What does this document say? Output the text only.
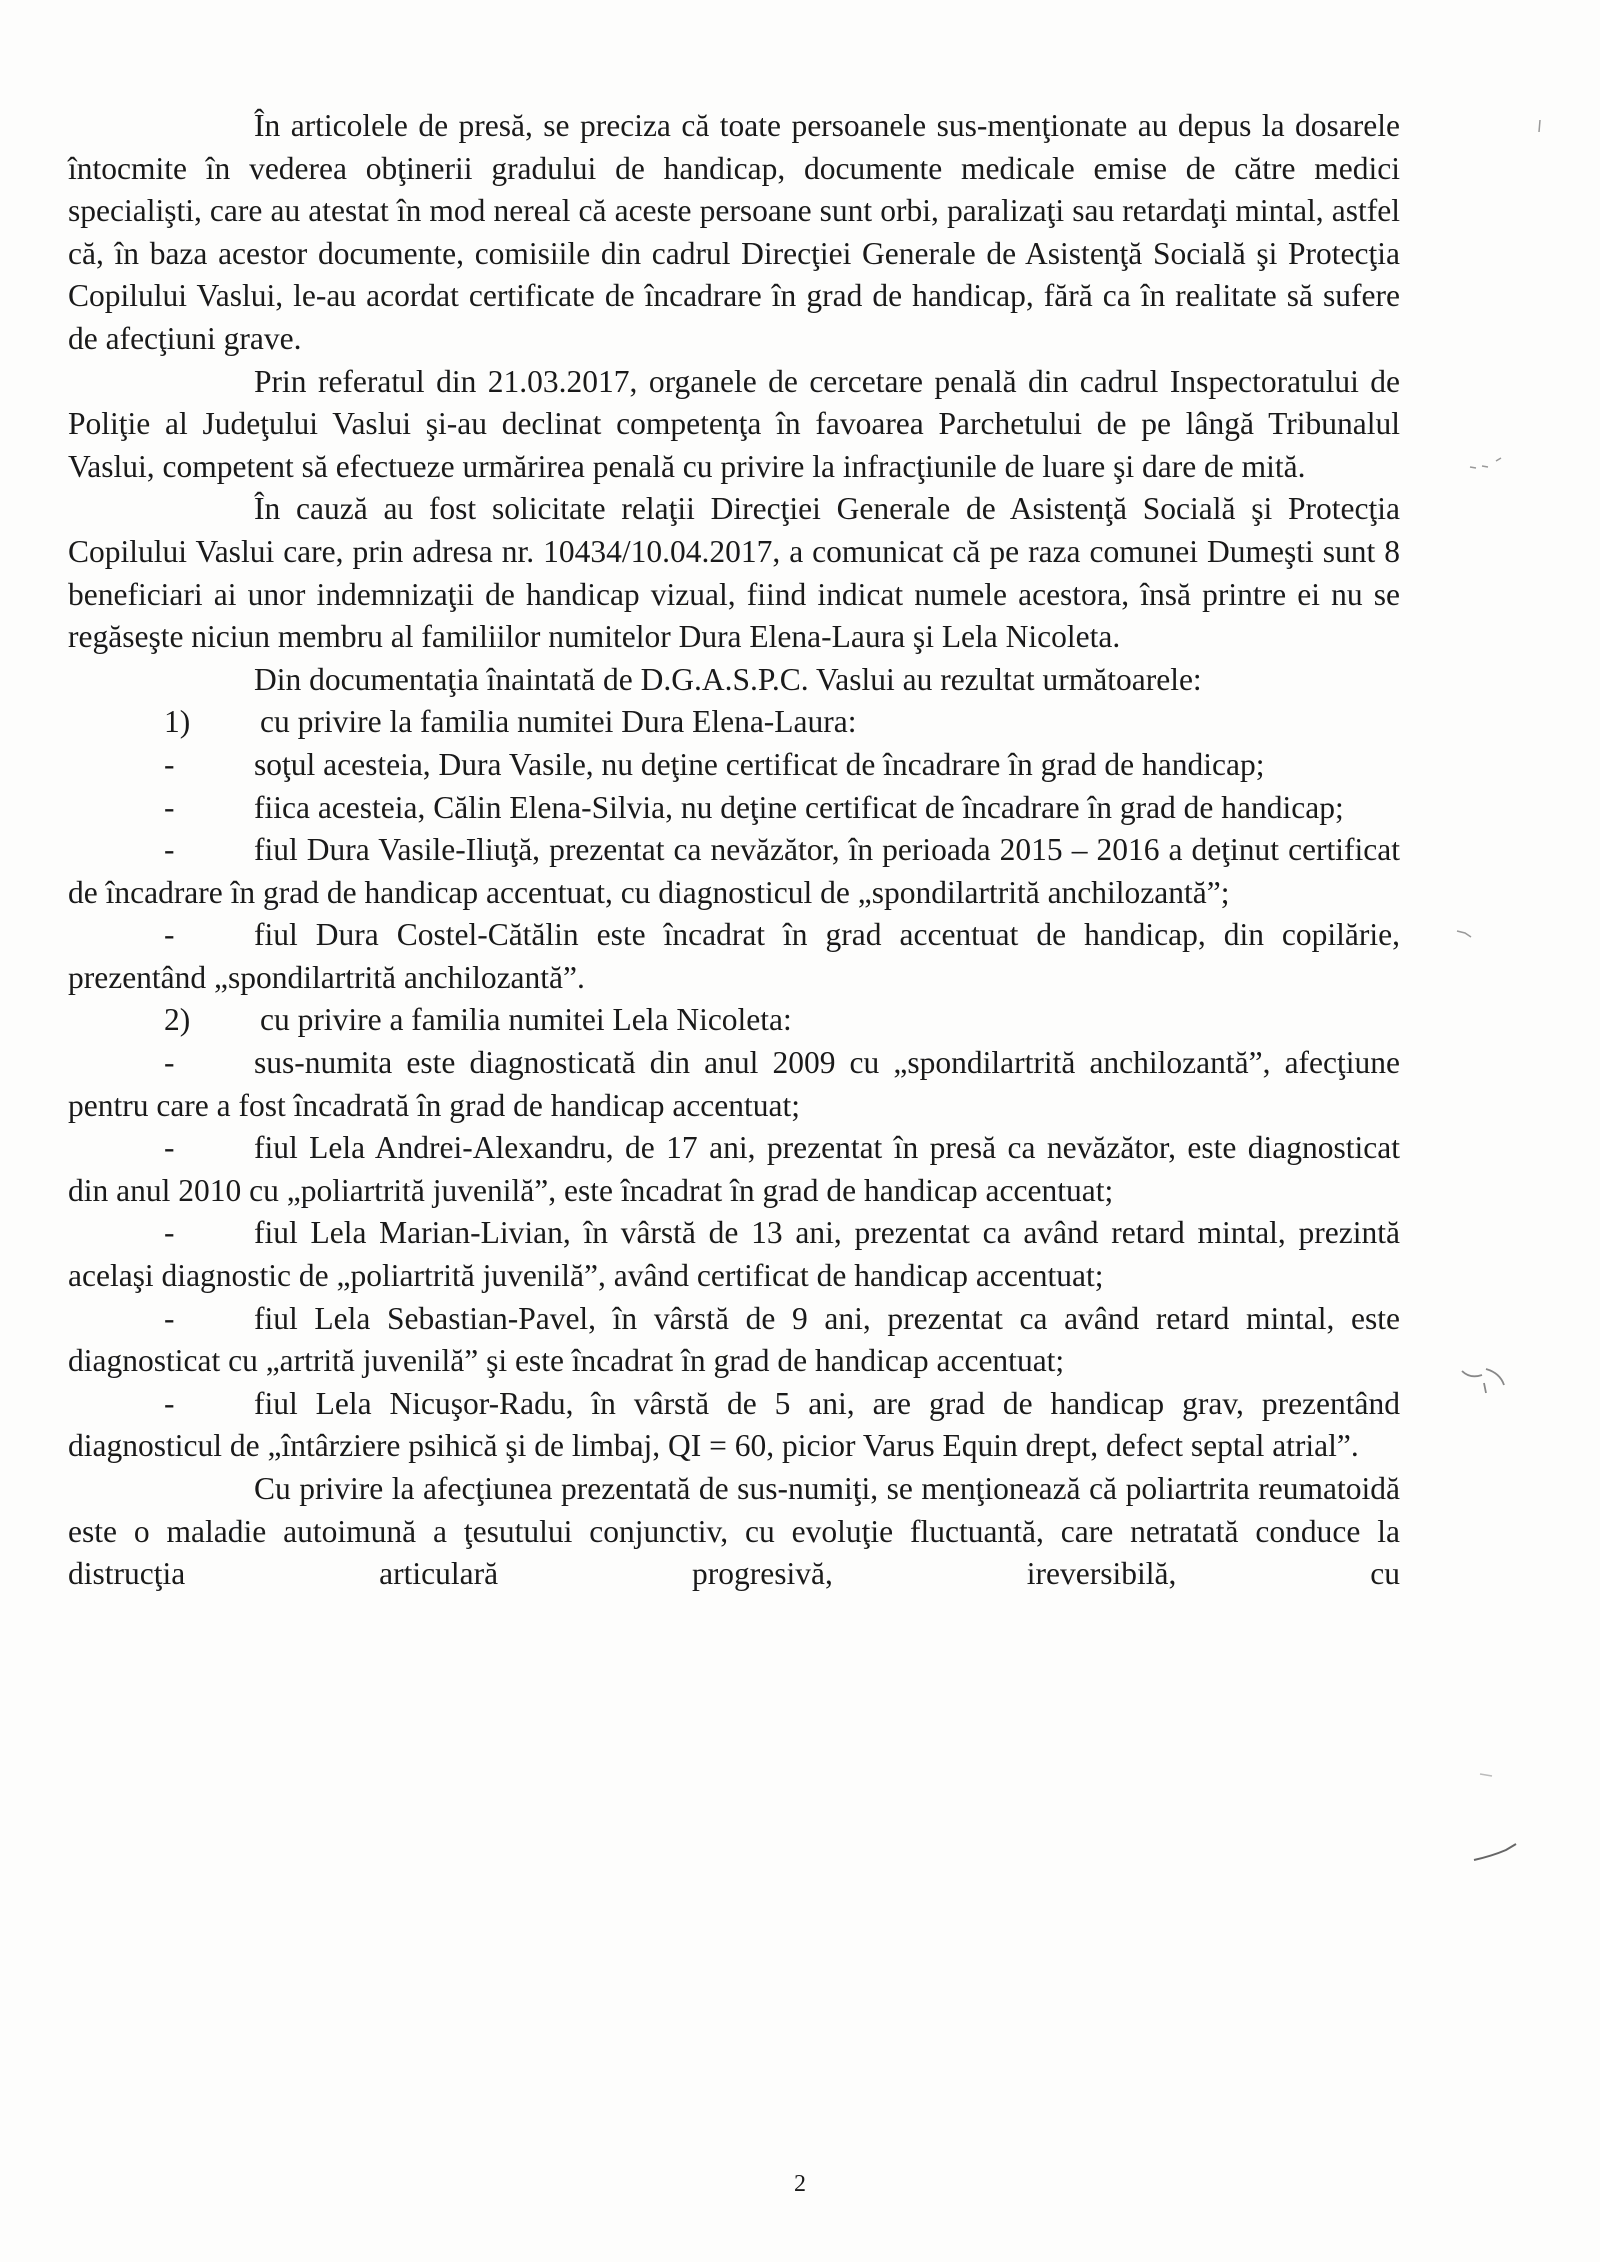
În articolele de presă, se preciza că toate persoanele sus-menţionate au depus la dosarele întocmite în vederea obţinerii gradului de handicap, documente medicale emise de către medici specialişti, care au atestat în mod nereal că aceste persoane sunt orbi, paralizaţi sau retardaţi mintal, astfel că, în baza acestor documente, comisiile din cadrul Direcţiei Generale de Asistenţă Socială şi Protecţia Copilului Vaslui, le-au acordat certificate de încadrare în grad de handicap, fără ca în realitate să sufere de afecţiuni grave.

Prin referatul din 21.03.2017, organele de cercetare penală din cadrul Inspectoratului de Poliţie al Judeţului Vaslui şi-au declinat competenţa în favoarea Parchetului de pe lângă Tribunalul Vaslui, competent să efectueze urmărirea penală cu privire la infracţiunile de luare şi dare de mită.

În cauză au fost solicitate relaţii Direcţiei Generale de Asistenţă Socială şi Protecţia Copilului Vaslui care, prin adresa nr. 10434/10.04.2017, a comunicat că pe raza comunei Dumeşti sunt 8 beneficiari ai unor indemnizaţii de handicap vizual, fiind indicat numele acestora, însă printre ei nu se regăseşte niciun membru al familiilor numitelor Dura Elena-Laura şi Lela Nicoleta.

Din documentaţia înaintată de D.G.A.S.P.C. Vaslui au rezultat următoarele:

1) cu privire la familia numitei Dura Elena-Laura:

-	soţul acesteia, Dura Vasile, nu deţine certificat de încadrare în grad de handicap;

-	fiica acesteia, Călin Elena-Silvia, nu deţine certificat de încadrare în grad de handicap;

-	fiul Dura Vasile-Iliuţă, prezentat ca nevăzător, în perioada 2015 – 2016 a deţinut certificat de încadrare în grad de handicap accentuat, cu diagnosticul de „spondilartrită anchilozantă”;

-	fiul Dura Costel-Cătălin este încadrat în grad accentuat de handicap, din copilărie, prezentând „spondilartrită anchilozantă”.

2) cu privire a familia numitei Lela Nicoleta:

-	sus-numita este diagnosticată din anul 2009 cu „spondilartrită anchilozantă”, afecţiune pentru care a fost încadrată în grad de handicap accentuat;

-	fiul Lela Andrei-Alexandru, de 17 ani, prezentat în presă ca nevăzător, este diagnosticat din anul 2010 cu „poliartrită juvenilă”, este încadrat în grad de handicap accentuat;

-	fiul Lela Marian-Livian, în vârstă de 13 ani, prezentat ca având retard mintal, prezintă acelaşi diagnostic de „poliartrită juvenilă”, având certificat de handicap accentuat;

-	fiul Lela Sebastian-Pavel, în vârstă de 9 ani, prezentat ca având retard mintal, este diagnosticat cu „artrită juvenilă” şi este încadrat în grad de handicap accentuat;

-	fiul Lela Nicuşor-Radu, în vârstă de 5 ani, are grad de handicap grav, prezentând diagnosticul de „întârziere psihică şi de limbaj, QI = 60, picior Varus Equin drept, defect septal atrial”.

Cu privire la afecţiunea prezentată de sus-numiţi, se menţionează că poliartrita reumatoidă este o maladie autoimună a ţesutului conjunctiv, cu evoluţie fluctuantă, care netratată conduce la distrucţia articulară progresivă, ireversibilă, cu

2
